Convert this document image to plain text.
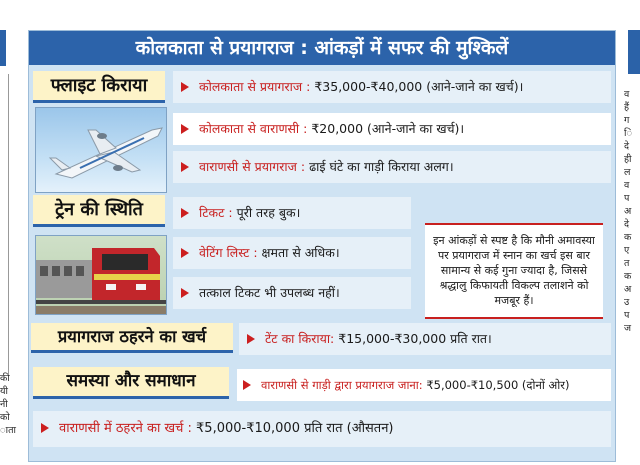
की
यी
नी
को
ाता
व
हैं
ग
ि
दे
ही
ल
व
प
अ
दे
क
ए
त
क
अ
उ
प
ज
कोलकाता से प्रयागराज : आंकड़ों में सफर की मुश्किलें
फ्लाइट किराया	कोलकाता से प्रयागराज : ₹35,000-₹40,000 (आने-जाने का खर्च)।
कोलकाता से वाराणसी : ₹20,000 (आने-जाने का खर्च)।
वाराणसी से प्रयागराज : ढाई घंटे का गाड़ी किराया अलग।
ट्रेन की स्थिति	टिकट : पूरी तरह बुक।
वेटिंग लिस्ट : क्षमता से अधिक।
तत्काल टिकट भी उपलब्ध नहीं।
इन आंकड़ों से स्पष्ट है कि मौनी अमावस्या पर प्रयागराज में स्नान का खर्च इस बार सामान्य से कई गुना ज्यादा है, जिससे श्रद्धालु किफायती विकल्प तलाशने को मजबूर हैं।
प्रयागराज ठहरने का खर्च	टेंट का किराया: ₹15,000-₹30,000 प्रति रात।
समस्या और समाधान	वाराणसी से गाड़ी द्वारा प्रयागराज जाना: ₹5,000-₹10,500 (दोनों ओर)
वाराणसी में ठहरने का खर्च : ₹5,000-₹10,000 प्रति रात (औसतन)
